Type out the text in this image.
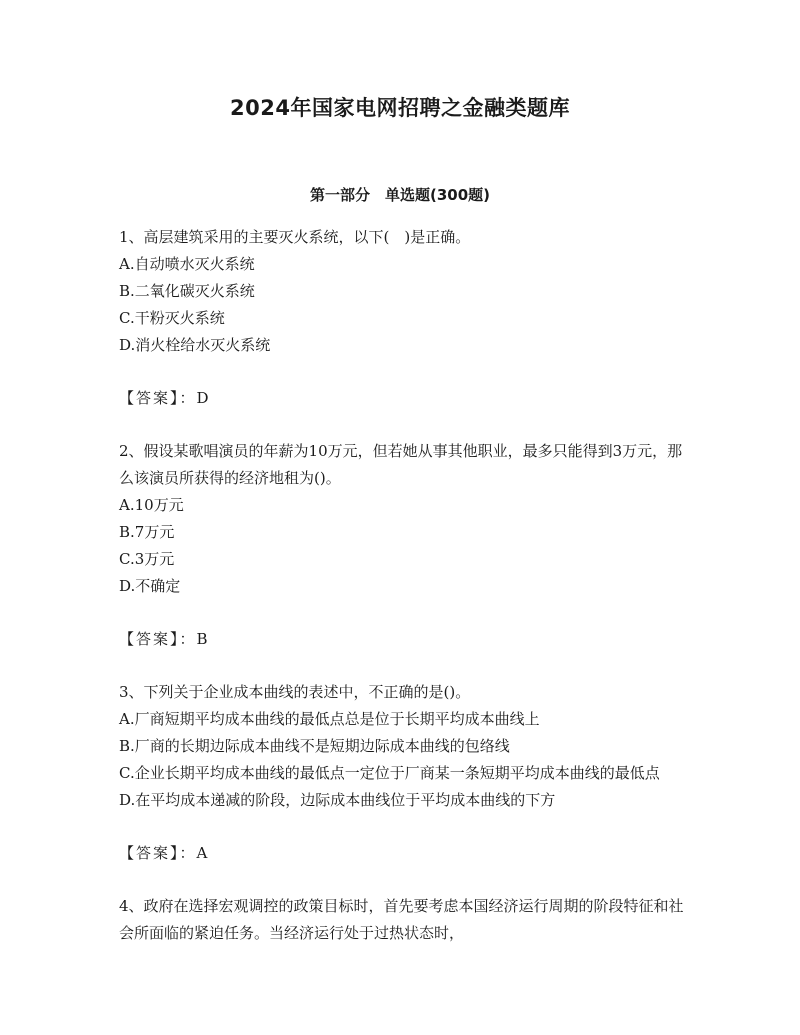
2024年国家电网招聘之金融类题库
第一部分　单选题(300题)

1、高层建筑采用的主要灭火系统，以下(　)是正确。

A.自动喷水灭火系统

B.二氧化碳灭火系统

C.干粉灭火系统

D.消火栓给水灭火系统

【答案】：D

2、假设某歌唱演员的年薪为10万元，但若她从事其他职业，最多只能得到3万元，那么该演员所获得的经济地租为()。

A.10万元

B.7万元

C.3万元

D.不确定

【答案】：B

3、下列关于企业成本曲线的表述中，不正确的是()。

A.厂商短期平均成本曲线的最低点总是位于长期平均成本曲线上

B.厂商的长期边际成本曲线不是短期边际成本曲线的包络线

C.企业长期平均成本曲线的最低点一定位于厂商某一条短期平均成本曲线的最低点

D.在平均成本递减的阶段，边际成本曲线位于平均成本曲线的下方

【答案】：A

4、政府在选择宏观调控的政策目标时，首先要考虑本国经济运行周期的阶段特征和社会所面临的紧迫任务。当经济运行处于过热状态时，
